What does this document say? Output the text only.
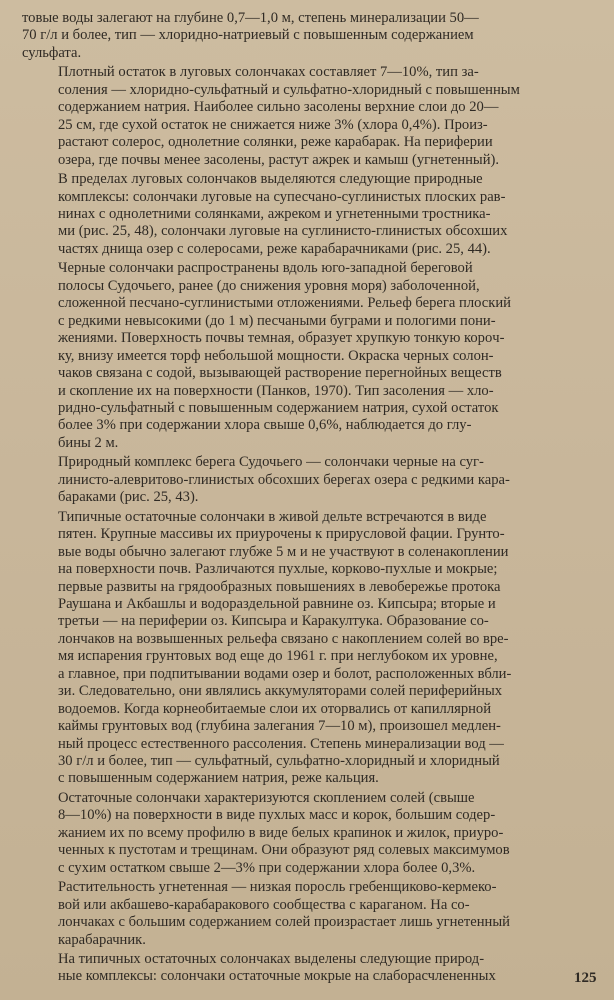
товые воды залегают на глубине 0,7—1,0 м, степень минерализации 50—
70 г/л и более, тип — хлоридно-натриевый с повышенным содержанием
сульфата.
Плотный остаток в луговых солончаках составляет 7—10%, тип за-
соления — хлоридно-сульфатный и сульфатно-хлоридный с повышенным
содержанием натрия. Наиболее сильно засолены верхние слои до 20—
25 см, где сухой остаток не снижается ниже 3% (хлора 0,4%). Произ-
растают солерос, однолетние солянки, реже карабарак. На периферии
озера, где почвы менее засолены, растут ажрек и камыш (угнетенный).
В пределах луговых солончаков выделяются следующие природные
комплексы: солончаки луговые на супесчано-суглинистых плоских рав-
нинах с однолетними солянками, ажреком и угнетенными тростника-
ми (рис. 25, 48), солончаки луговые на суглинисто-глинистых обсохших
частях днища озер с солеросами, реже карабарачниками (рис. 25, 44).
Черные солончаки распространены вдоль юго-западной береговой
полосы Судочьего, ранее (до снижения уровня моря) заболоченной,
сложенной песчано-суглинистыми отложениями. Рельеф берега плоский
с редкими невысокими (до 1 м) песчаными буграми и пологими пони-
жениями. Поверхность почвы темная, образует хрупкую тонкую корoч-
ку, внизу имеется торф небольшой мощности. Окраска черных солон-
чаков связана с содой, вызывающей растворение перегнойных веществ
и скопление их на поверхности (Панков, 1970). Тип засоления — хло-
ридно-сульфатный с повышенным содержанием натрия, сухой остаток
более 3% при содержании хлора свыше 0,6%, наблюдается до глу-
бины 2 м.
Природный комплекс берега Судочьего — солончаки черные на суг-
линисто-алевритово-глинистых обсохших берегах озера с редкими кара-
бараками (рис. 25, 43).
Типичные остаточные солончаки в живой дельте встречаются в виде
пятен. Крупные массивы их приурочены к прирусловой фации. Грунто-
вые воды обычно залегают глубже 5 м и не участвуют в соленакоплении
на поверхности почв. Различаются пухлые, корково-пухлые и мокрые;
первые развиты на грядообразных повышениях в левобережье протока
Раушана и Акбашлы и водораздельной равнине оз. Кипсыра; вторые и
третьи — на периферии оз. Кипсыра и Каракултука. Образование со-
лончаков на возвышенных рельефа связано с накоплением солей во вре-
мя испарения грунтовых вод еще до 1961 г. при неглубоком их уровне,
а главное, при подпитывании водами озер и болот, расположенных вбли-
зи. Следовательно, они являлись аккумуляторами солей периферийных
водоемов. Когда корнеобитаемые слои их оторвались от капиллярной
каймы грунтовых вод (глубина залегания 7—10 м), произошел медлен-
ный процесс естественного рассоления. Степень минерализации вод —
30 г/л и более, тип — сульфатный, сульфатно-хлоридный и хлоридный
с повышенным содержанием натрия, реже кальция.
Остаточные солончаки характеризуются скоплением солей (свыше
8—10%) на поверхности в виде пухлых масс и корок, большим содер-
жанием их по всему профилю в виде белых крапинок и жилок, приуро-
ченных к пустотам и трещинам. Они образуют ряд солевых максимумов
с сухим остатком свыше 2—3% при содержании хлора более 0,3%.
Растительность угнетенная — низкая поросль гребенщиково-кермеко-
вой или акбашево-карабаракового сообщества с караганом. На со-
лончаках с большим содержанием солей произрастает лишь угнетенный
карабарачник.
На типичных остаточных солончаках выделены следующие природ-
ные комплексы: солончаки остаточные мокрые на слаборасчлененных	125
